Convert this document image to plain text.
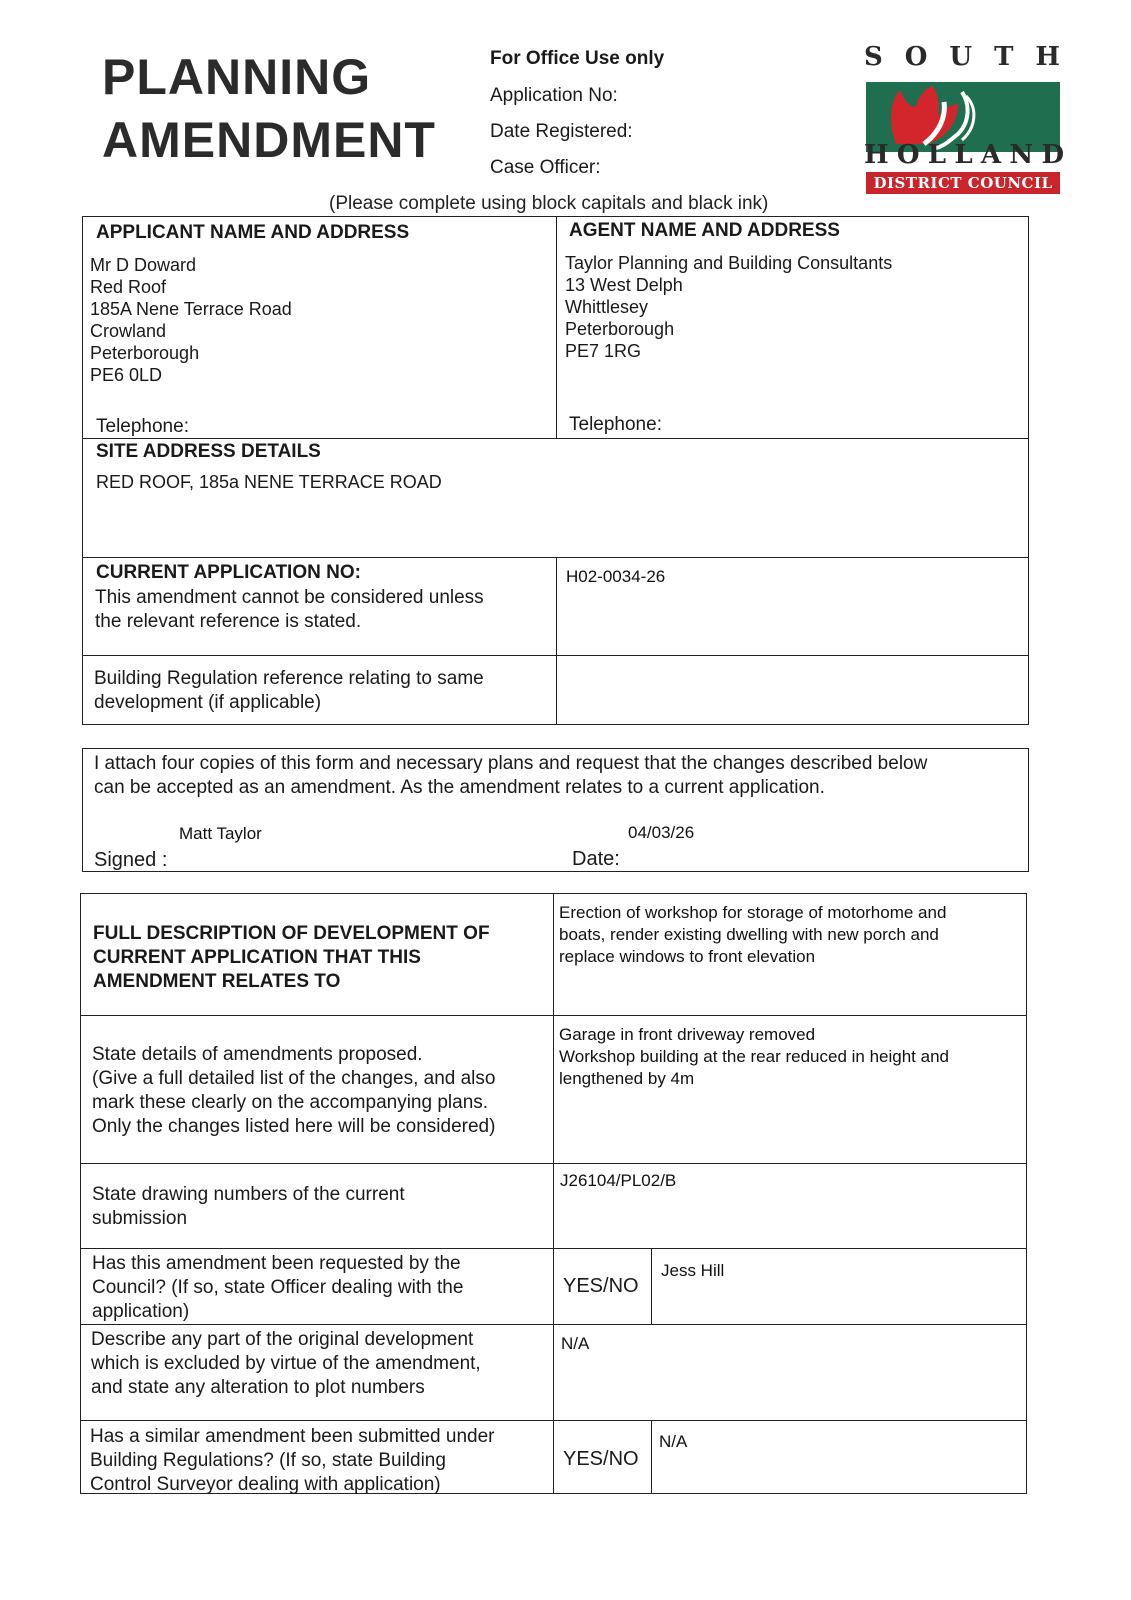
PLANNING
AMENDMENT
For Office Use only
Application No:
Date Registered:
Case Officer:
S O U T H
H O L L A N D
DISTRICT COUNCIL
(Please complete using block capitals and black ink)
APPLICANT NAME AND ADDRESS
Mr D Doward
Red Roof
185A Nene Terrace Road
Crowland
Peterborough
PE6 0LD
Telephone:
AGENT NAME AND ADDRESS
Taylor Planning and Building Consultants
13 West Delph
Whittlesey
Peterborough
PE7 1RG
Telephone:
SITE ADDRESS DETAILS
RED ROOF, 185a NENE TERRACE ROAD
CURRENT APPLICATION NO:
This amendment cannot be considered unless
the relevant reference is stated.
H02-0034-26
Building Regulation reference relating to same
development (if applicable)
I attach four copies of this form and necessary plans and request that the changes described below
can be accepted as an amendment. As the amendment relates to a current application.
Matt Taylor
Signed :
04/03/26
Date:
FULL DESCRIPTION OF DEVELOPMENT OF
CURRENT APPLICATION THAT THIS
AMENDMENT RELATES TO
Erection of workshop for storage of motorhome and
boats, render existing dwelling with new porch and
replace windows to front elevation
State details of amendments proposed.
(Give a full detailed list of the changes, and also
mark these clearly on the accompanying plans.
Only the changes listed here will be considered)
Garage in front driveway removed
Workshop building at the rear reduced in height and
lengthened by 4m
State drawing numbers of the current
submission
J26104/PL02/B
Has this amendment been requested by the
Council? (If so, state Officer dealing with the
application)
YES/NO
Jess Hill
Describe any part of the original development
which is excluded by virtue of the amendment,
and state any alteration to plot numbers
N/A
Has a similar amendment been submitted under
Building Regulations? (If so, state Building
Control Surveyor dealing with application)
YES/NO
N/A
